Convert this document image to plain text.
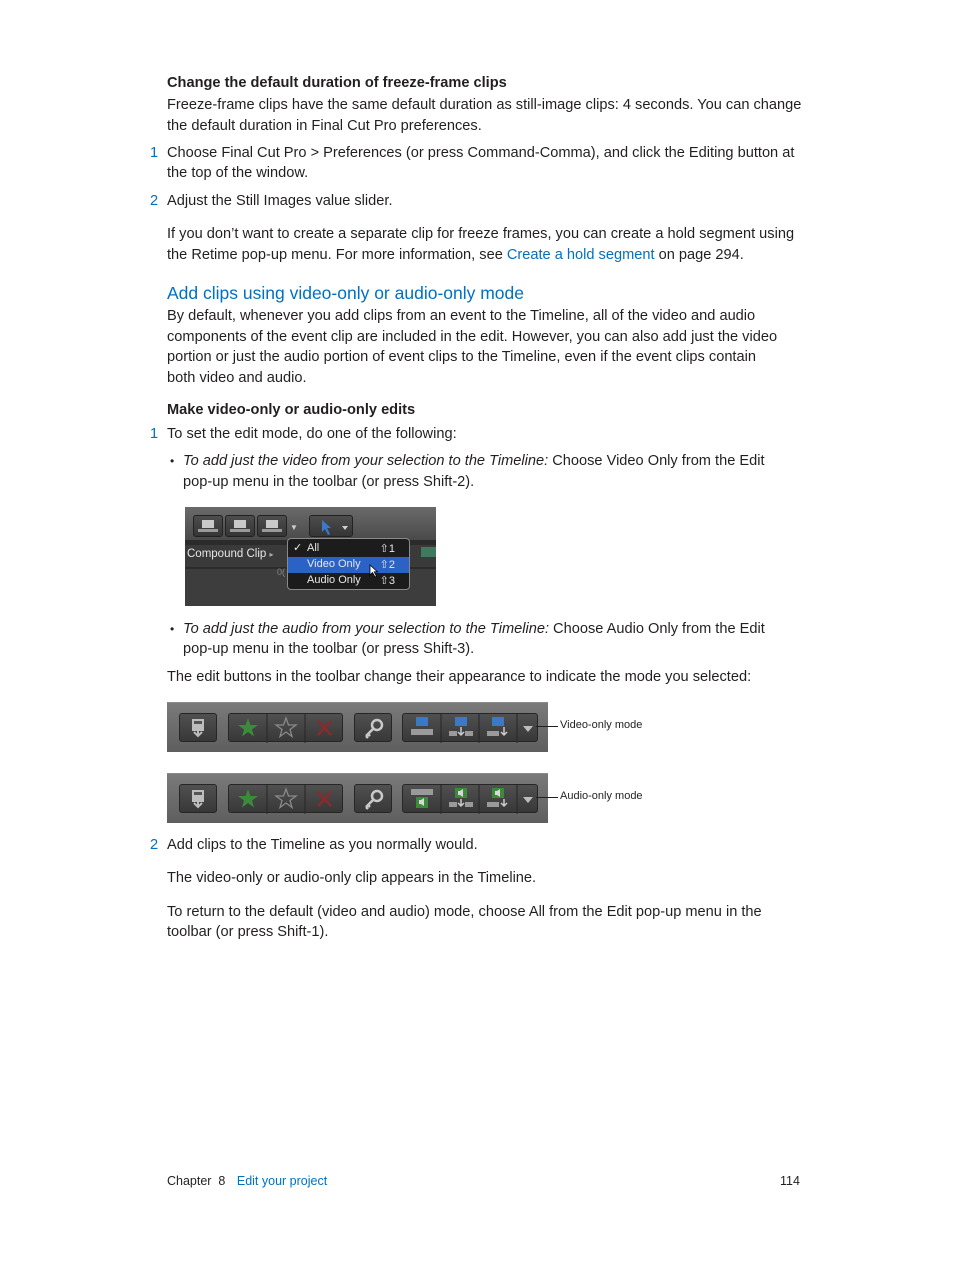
Change the default duration of freeze-frame clips
Freeze-frame clips have the same default duration as still-image clips: 4 seconds. You can change
the default duration in Final Cut Pro preferences.
1 Choose Final Cut Pro > Preferences (or press Command-Comma), and click the Editing button at
the top of the window.
2 Adjust the Still Images value slider.
If you don’t want to create a separate clip for freeze frames, you can create a hold segment using
the Retime pop-up menu. For more information, see Create a hold segment on page 294.
Add clips using video-only or audio-only mode
By default, whenever you add clips from an event to the Timeline, all of the video and audio
components of the event clip are included in the edit. However, you can also add just the video
portion or just the audio portion of event clips to the Timeline, even if the event clips contain
both video and audio.
Make video-only or audio-only edits
1 To set the edit mode, do one of the following:
• To add just the video from your selection to the Timeline: Choose Video Only from the Edit
pop-up menu in the toolbar (or press Shift-2).
▼
Compound Clip ▸
0(
✓ All	⇧1
Video Only ⇧2
Audio Only ⇧3
• To add just the audio from your selection to the Timeline: Choose Audio Only from the Edit
pop-up menu in the toolbar (or press Shift-3).
The edit buttons in the toolbar change their appearance to indicate the mode you selected:
Video-only mode
Audio-only mode
2 Add clips to the Timeline as you normally would.
The video-only or audio-only clip appears in the Timeline.
To return to the default (video and audio) mode, choose All from the Edit pop-up menu in the
toolbar (or press Shift-1).
Chapter  8 Edit your project	114
